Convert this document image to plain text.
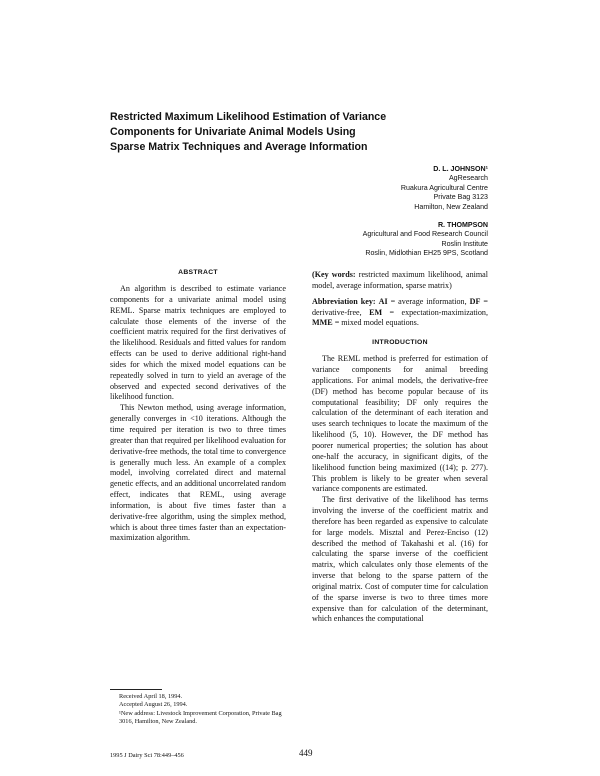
Restricted Maximum Likelihood Estimation of Variance
Components for Univariate Animal Models Using
Sparse Matrix Techniques and Average Information
D. L. JOHNSON¹
AgResearch
Ruakura Agricultural Centre
Private Bag 3123
Hamilton, New Zealand
R. THOMPSON
Agricultural and Food Research Council
Roslin Institute
Roslin, Midlothian EH25 9PS, Scotland
ABSTRACT

An algorithm is described to estimate variance components for a univariate animal model using REML. Sparse matrix techniques are employed to calculate those elements of the inverse of the coefficient matrix required for the first derivatives of the likelihood. Residuals and fitted values for random effects can be used to derive additional right-hand sides for which the mixed model equations can be repeatedly solved in turn to yield an average of the observed and expected second derivatives of the likelihood function.

This Newton method, using average information, generally converges in <10 iterations. Although the time required per iteration is two to three times greater than that required per likelihood evaluation for derivative-free methods, the total time to convergence is generally much less. An example of a complex model, involving correlated direct and maternal genetic effects, and an additional uncorrelated random effect, indicates that REML, using average information, is about five times faster than a derivative-free algorithm, using the simplex method, which is about three times faster than an expectation-maximization algorithm.

(Key words: restricted maximum likelihood, animal model, average information, sparse matrix)

Abbreviation key: AI = average information, DF = derivative-free, EM = expectation-maximization, MME = mixed model equations.

INTRODUCTION

The REML method is preferred for estimation of variance components for animal breeding applications. For animal models, the derivative-free (DF) method has become popular because of its computational feasibility; DF only requires the calculation of the determinant of each iteration and uses search techniques to locate the maximum of the likelihood (5, 10). However, the DF method has poorer numerical properties; the solution has about one-half the accuracy, in significant digits, of the likelihood function being maximized ((14); p. 277). This problem is likely to be greater when several variance components are estimated.

The first derivative of the likelihood has terms involving the inverse of the coefficient matrix and therefore has been regarded as expensive to calculate for large models. Misztal and Perez-Enciso (12) described the method of Takahashi et al. (16) for calculating the sparse inverse of the coefficient matrix, which calculates only those elements of the inverse that belong to the sparse pattern of the original matrix. Cost of computer time for calculation of the sparse inverse is two to three times more expensive than for calculation of the determinant, which enhances the computational

Received April 18, 1994.
Accepted August 26, 1994.
¹New address: Livestock Improvement Corporation, Private Bag 3016, Hamilton, New Zealand.
1995 J Dairy Sci 78:449–456	449
